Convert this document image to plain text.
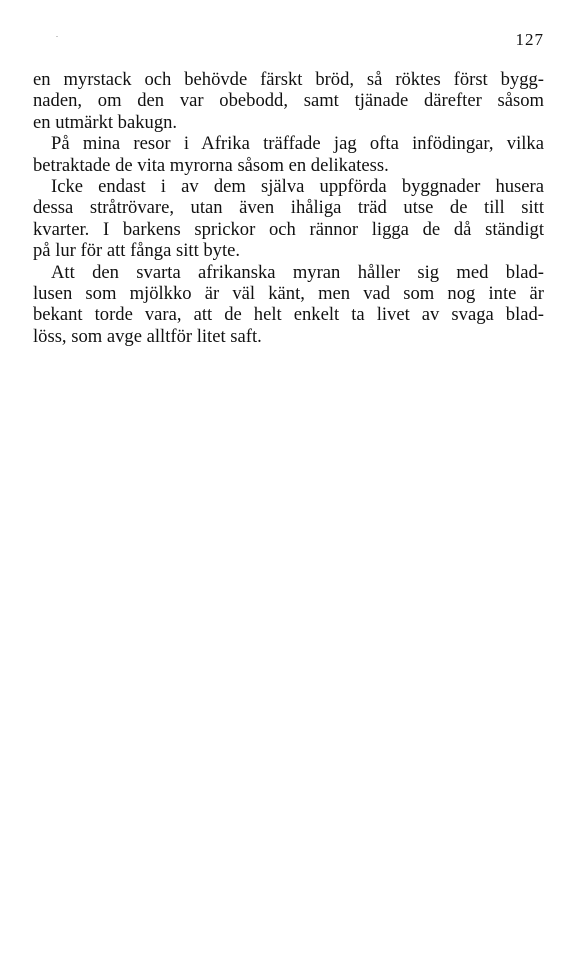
127
en myrstack och behövde färskt bröd, så röktes först bygg-
naden, om den var obebodd, samt tjänade därefter såsom
en utmärkt bakugn.
På mina resor i Afrika träffade jag ofta infödingar, vilka
betraktade de vita myrorna såsom en delikatess.
Icke endast i av dem själva uppförda byggnader husera
dessa stråtrövare, utan även ihåliga träd utse de till sitt
kvarter. I barkens sprickor och rännor ligga de då ständigt
på lur för att fånga sitt byte.
Att den svarta afrikanska myran håller sig med blad-
lusen som mjölkko är väl känt, men vad som nog inte är
bekant torde vara, att de helt enkelt ta livet av svaga blad-
löss, som avge alltför litet saft.
